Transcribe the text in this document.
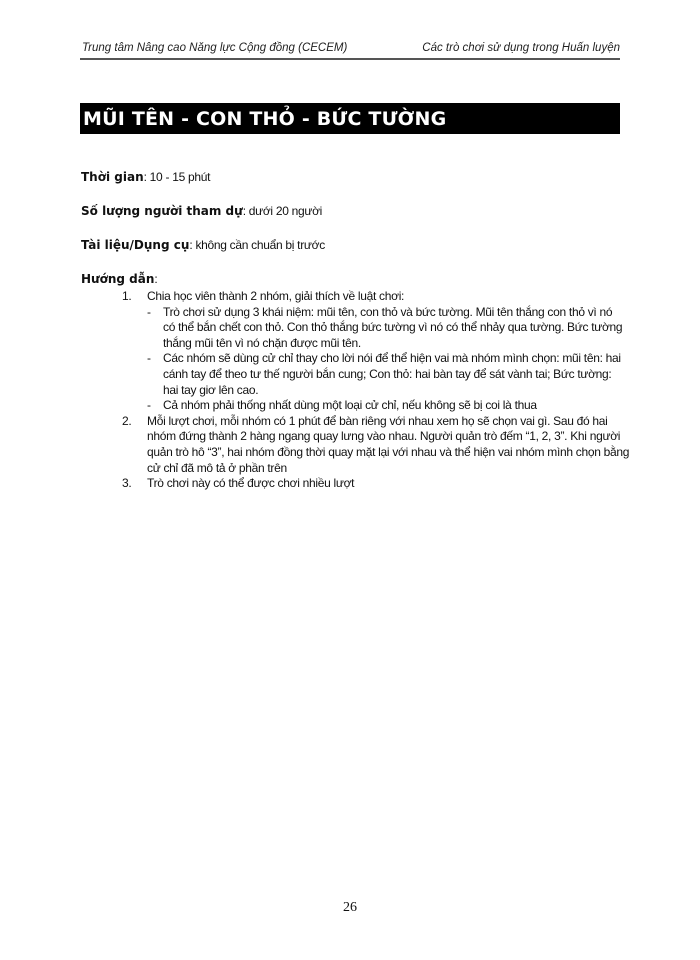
Trung tâm Nâng cao Năng lực Cộng đồng (CECEM)	Các trò chơi sử dụng trong Huấn luyện
MŨI TÊN - CON THỎ - BỨC TƯỜNG
Thời gian: 10 - 15 phút
Số lượng người tham dự: dưới 20 người
Tài liệu/Dụng cụ: không cần chuẩn bị trước
Hướng dẫn:
1. Chia học viên thành 2 nhóm, giải thích về luật chơi:
- Trò chơi sử dụng 3 khái niệm: mũi tên, con thỏ và bức tường. Mũi tên thắng con thỏ vì nó
có thể bắn chết con thỏ. Con thỏ thắng bức tường vì nó có thể nhảy qua tường. Bức tường
thắng mũi tên vì nó chặn được mũi tên.
- Các nhóm sẽ dùng cử chỉ thay cho lời nói để thể hiện vai mà nhóm mình chọn: mũi tên: hai
cánh tay để theo tư thế người bắn cung; Con thỏ: hai bàn tay để sát vành tai; Bức tường:
hai tay giơ lên cao.
- Cả nhóm phải thống nhất dùng một loại cử chỉ, nếu không sẽ bị coi là thua
2. Mỗi lượt chơi, mỗi nhóm có 1 phút để bàn riêng với nhau xem họ sẽ chọn vai gì. Sau đó hai
nhóm đứng thành 2 hàng ngang quay lưng vào nhau. Người quản trò đếm “1, 2, 3”. Khi người
quản trò hô “3”, hai nhóm đồng thời quay mặt lại với nhau và thể hiện vai nhóm mình chọn bằng
cử chỉ đã mô tả ở phần trên
3. Trò chơi này có thể được chơi nhiều lượt
26
